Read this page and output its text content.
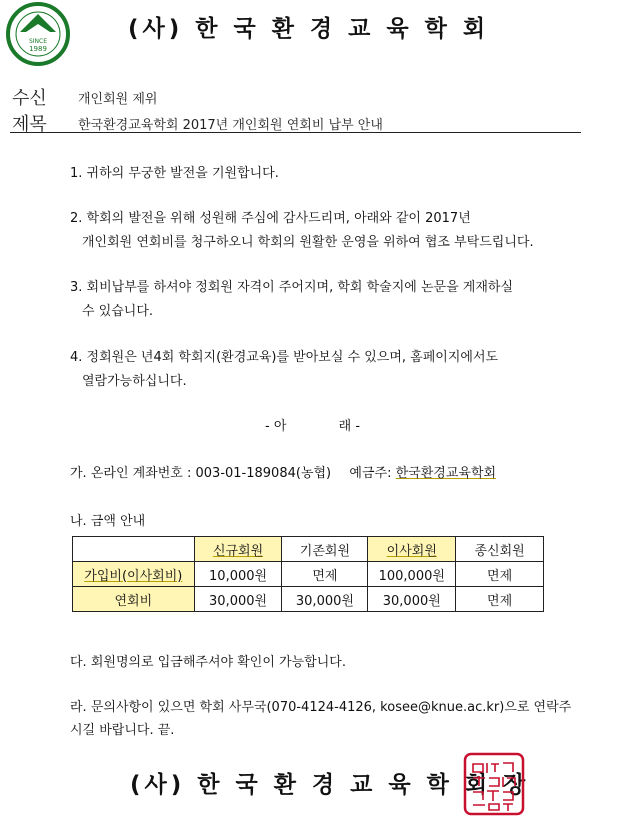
SINCE
1989
(사) 한 국 환 경 교 육 학 회
수신 개인회원 제위
제목 한국환경교육학회 2017년 개인회원 연회비 납부 안내
1. 귀하의 무궁한 발전을 기원합니다.
2. 학회의 발전을 위해 성원해 주심에 감사드리며, 아래와 같이 2017년
개인회원 연회비를 청구하오니 학회의 원활한 운영을 위하여 협조 부탁드립니다.
3. 회비납부를 하셔야 정회원 자격이 주어지며, 학회 학술지에 논문을 게재하실
수 있습니다.
4. 정회원은 년4회 학회지(환경교육)를 받아보실 수 있으며, 홈페이지에서도
열람가능하십니다.
- 아	래 -
가. 온라인 계좌번호 : 003-01-189084(농협) 예금주: 한국환경교육학회
나. 금액 안내
	신규회원	기존회원	이사회원	종신회원
가입비(이사회비)	10,000원	면제	100,000원	면제
연회비	30,000원	30,000원	30,000원	면제
다. 회원명의로 입금해주셔야 확인이 가능합니다.
라. 문의사항이 있으면 학회 사무국(070-4124-4126, kosee@knue.ac.kr)으로 연락주
시길 바랍니다. 끝.
(사) 한 국 환 경 교 육 학 회 장
